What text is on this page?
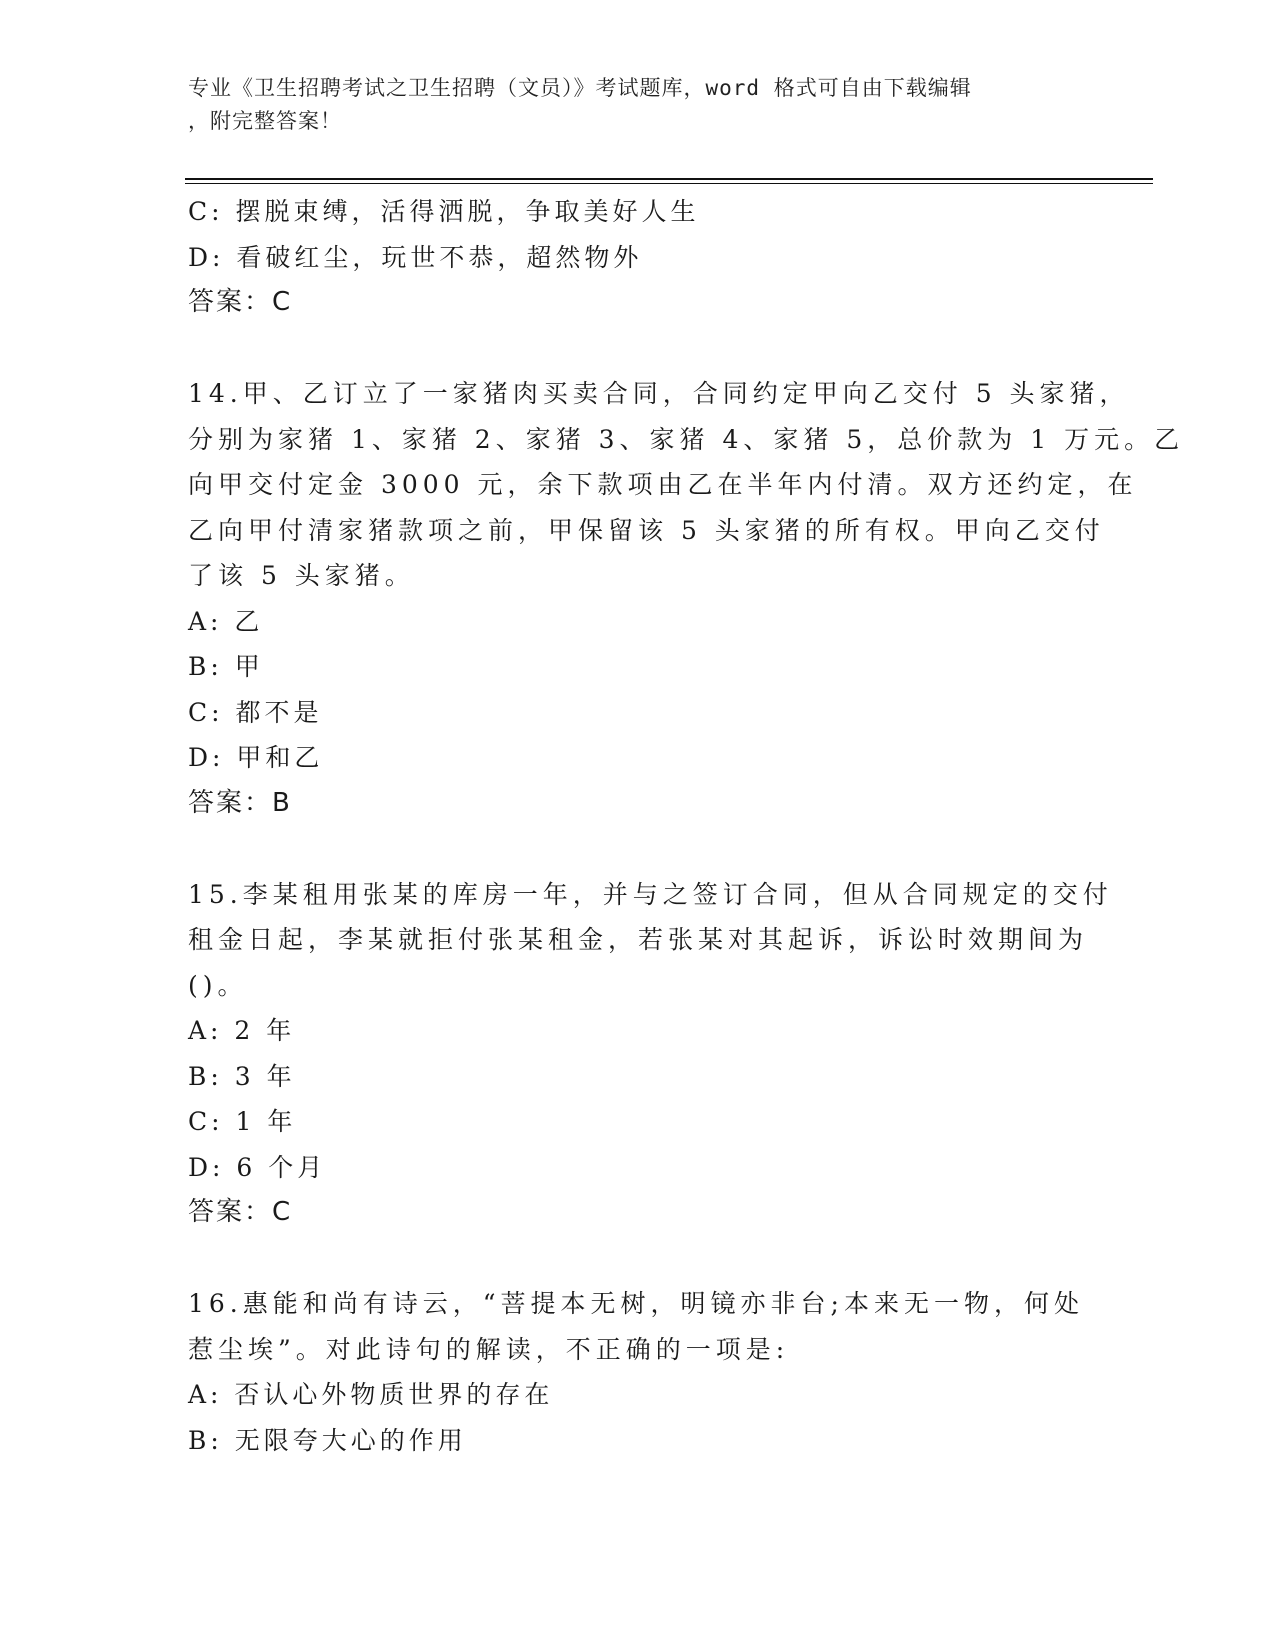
专业《卫生招聘考试之卫生招聘（文员）》考试题库，word 格式可自由下载编辑
，附完整答案！
C: 摆脱束缚，活得洒脱，争取美好人生
D: 看破红尘，玩世不恭，超然物外
答案：C
14.甲、乙订立了一家猪肉买卖合同，合同约定甲向乙交付 5 头家猪，
分别为家猪 1、家猪 2、家猪 3、家猪 4、家猪 5，总价款为 1 万元。乙
向甲交付定金 3000 元，余下款项由乙在半年内付清。双方还约定，在
乙向甲付清家猪款项之前，甲保留该 5 头家猪的所有权。甲向乙交付
了该 5 头家猪。
A: 乙
B: 甲
C: 都不是
D: 甲和乙
答案：B
15.李某租用张某的库房一年，并与之签订合同，但从合同规定的交付
租金日起，李某就拒付张某租金，若张某对其起诉，诉讼时效期间为
()。
A: 2 年
B: 3 年
C: 1 年
D: 6 个月
答案：C
16.惠能和尚有诗云，“菩提本无树，明镜亦非台;本来无一物，何处
惹尘埃”。对此诗句的解读，不正确的一项是:
A: 否认心外物质世界的存在
B: 无限夸大心的作用
